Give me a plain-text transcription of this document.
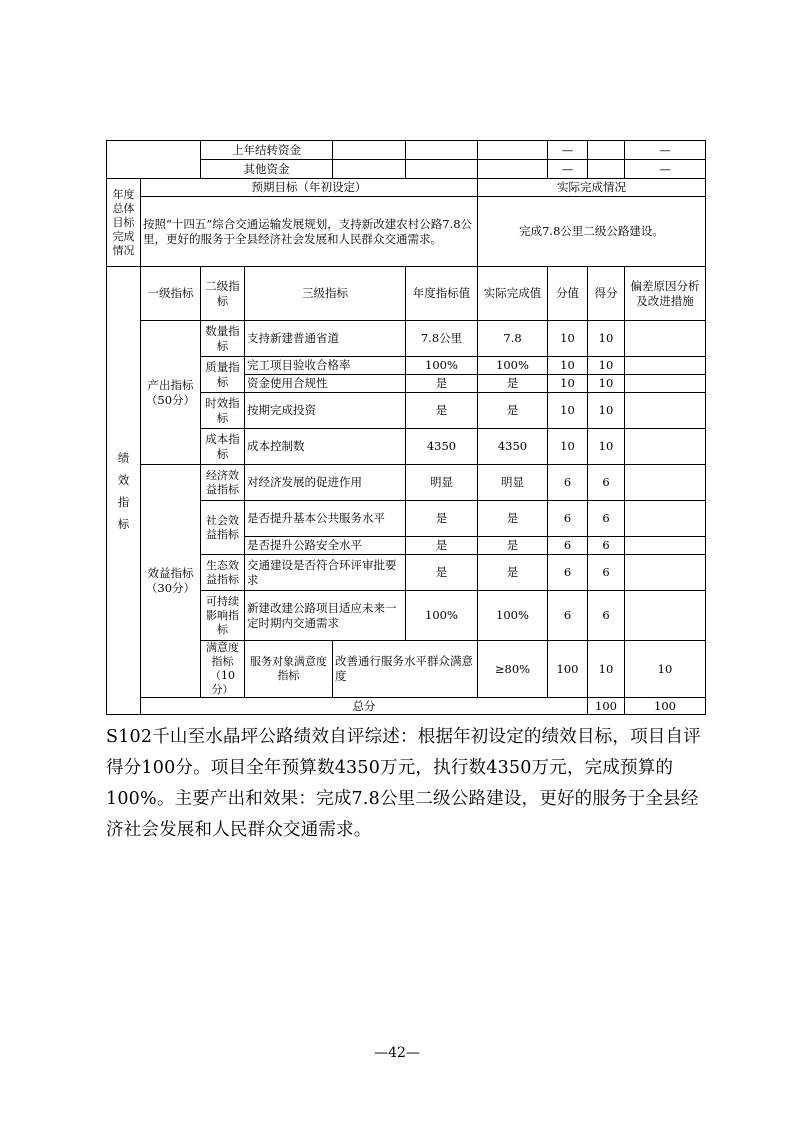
		上年结转资金					—		—	
		其他资金					—		—	
年度总体目标完成情况	预期目标（年初设定）					实际完成情况				
	按照“十四五”综合交通运输发展规划，支持新改建农村公路7.8公里，更好的服务于全县经济社会发展和人民群众交通需求。					完成7.8公里二级公路建设。				
绩效指标	一级指标	二级指标	三级指标		年度指标值	实际完成值	分值	得分	偏差原因分析及改进措施	
	产出指标（50分）	数量指标	支持新建普通省道		7.8公里	7.8	10	10		
		质量指标	完工项目验收合格率		100%	100%	10	10		
			资金使用合规性		是	是	10	10		
		时效指标	按期完成投资		是	是	10	10		
		成本指标	成本控制数		4350	4350	10	10		
	效益指标（30分）	经济效益指标	对经济发展的促进作用		明显	明显	6	6		
		社会效益指标	是否提升基本公共服务水平		是	是	6	6		
			是否提升公路安全水平		是	是	6	6		
		生态效益指标	交通建设是否符合环评审批要求		是	是	6	6		
		可持续影响指标	新建改建公路项目适应未来一定时期内交通需求		100%	100%	6	6		
		满意度指标（10分）	服务对象满意度指标	改善通行服务水平群众满意度		≥80%	100	10	10	
	总分							100	100	

S102千山至水晶坪公路绩效自评综述：根据年初设定的绩效目标，项目自评得分100分。项目全年预算数4350万元，执行数4350万元，完成预算的100%。主要产出和效果：完成7.8公里二级公路建设，更好的服务于全县经济社会发展和人民群众交通需求。

—42—
